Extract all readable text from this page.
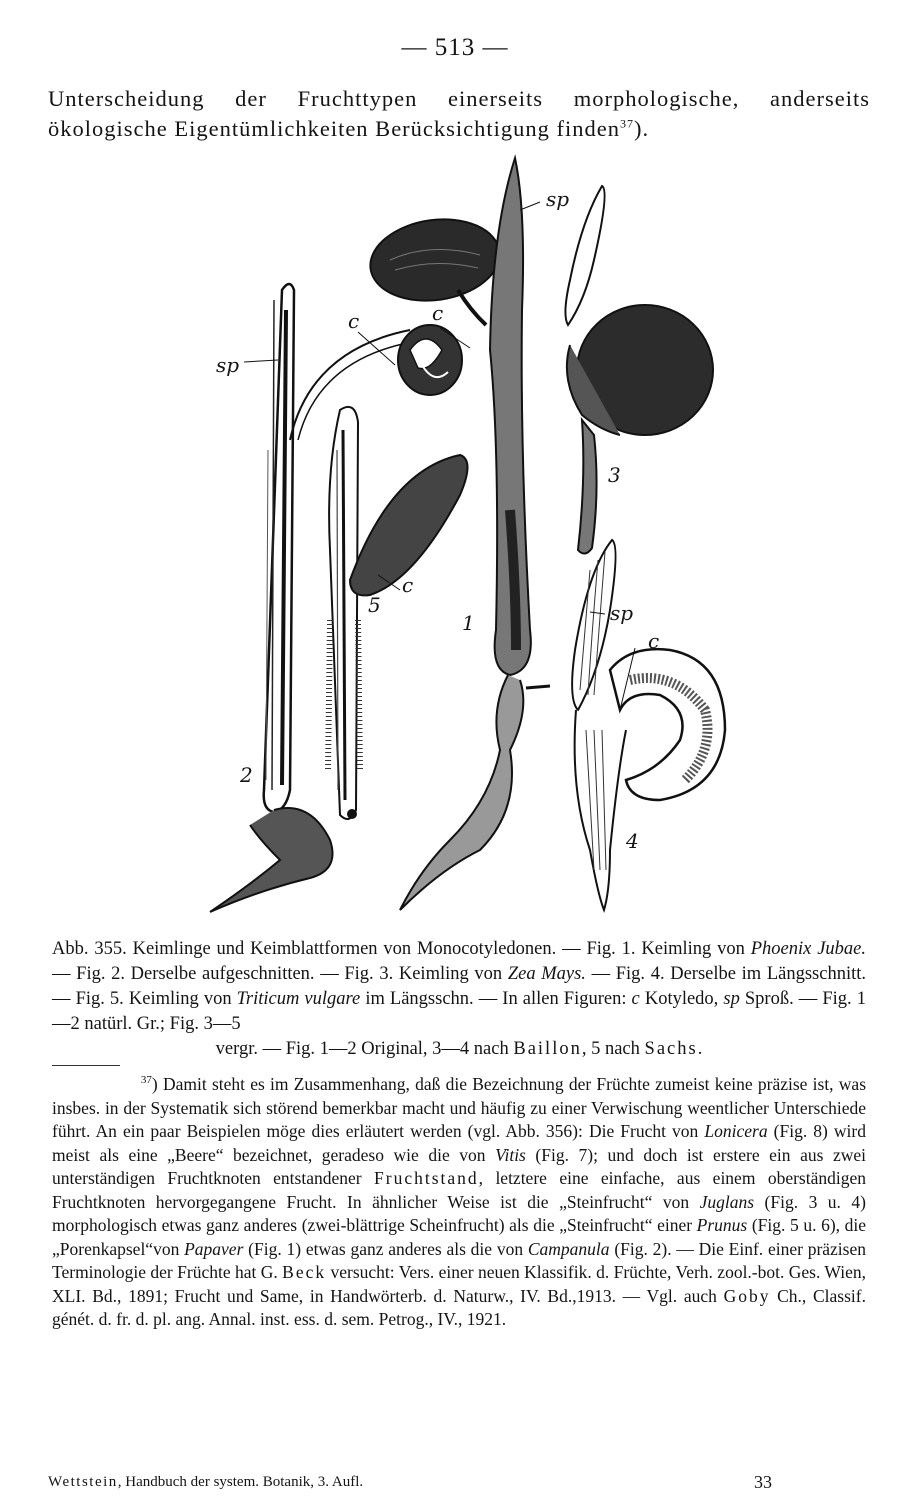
— 513 —

Unterscheidung der Fruchttypen einerseits morphologische, anderseits ökologische Eigentümlichkeiten Berücksichtigung finden$^{37}$).

sp
sp
sp
c	c
c
c
1
2
3
4
5

Abb. 355. Keimlinge und Keimblattformen von Monocotyledonen. — Fig. 1. Keimling von Phoenix Jubae. — Fig. 2. Derselbe aufgeschnitten. — Fig. 3. Keimling von Zea Mays. — Fig. 4. Derselbe im Längsschnitt. — Fig. 5. Keimling von Triticum vulgare im Längsschn. — In allen Figuren: c Kotyledo, sp Sproß. — Fig. 1—2 natürl. Gr.; Fig. 3—5
vergr. — Fig. 1—2 Original, 3—4 nach Baillon, 5 nach Sachs.

$^{37}$) Damit steht es im Zusammenhang, daß die Bezeichnung der Früchte zumeist keine präzise ist, was insbes. in der Systematik sich störend bemerkbar macht und häufig zu einer Verwischung weentlicher Unterschiede führt. An ein paar Beispielen möge dies erläutert werden (vgl. Abb. 356): Die Frucht von Lonicera (Fig. 8) wird meist als eine „Beere“ bezeichnet, geradeso wie die von Vitis (Fig. 7); und doch ist erstere ein aus zwei unterständigen Fruchtknoten entstandener Fruchtstand, letztere eine einfache, aus einem oberständigen Fruchtknoten hervorgegangene Frucht. In ähnlicher Weise ist die „Steinfrucht“ von Juglans (Fig. 3 u. 4) morphologisch etwas ganz anderes (zwei-blättrige Scheinfrucht) als die „Steinfrucht“ einer Prunus (Fig. 5 u. 6), die „Porenkapsel“von Papaver (Fig. 1) etwas ganz anderes als die von Campanula (Fig. 2). — Die Einf. einer präzisen Terminologie der Früchte hat G. Beck versucht: Vers. einer neuen Klassifik. d. Früchte, Verh. zool.-bot. Ges. Wien, XLI. Bd., 1891; Frucht und Same, in Handwörterb. d. Naturw., IV. Bd.,1913. — Vgl. auch Goby Ch., Classif. génét. d. fr. d. pl. ang. Annal. inst. ess. d. sem. Petrog., IV., 1921.

Wettstein, Handbuch der system. Botanik, 3. Aufl.	33
